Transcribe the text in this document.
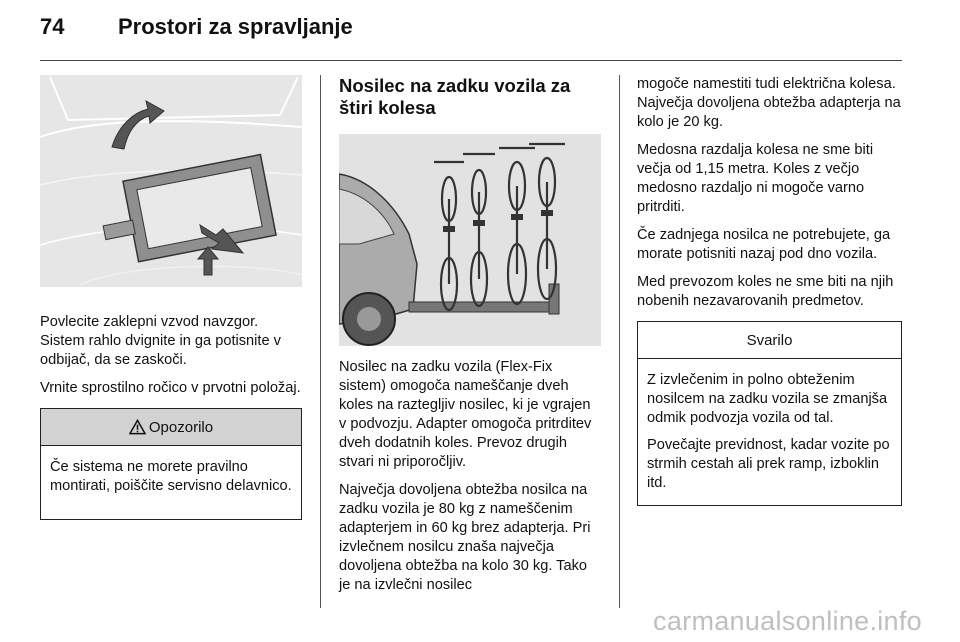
74 Prostori za spravljanje

Povlecite zaklepni vzvod navzgor. Sistem rahlo dvignite in ga potisnite v odbijač, da se zaskoči.

Vrnite sprostilno ročico v prvotni položaj.

Opozorilo

Če sistema ne morete pravilno montirati, poiščite servisno delavnico.

Nosilec na zadku vozila za štiri kolesa

Nosilec na zadku vozila (Flex-Fix sistem) omogoča nameščanje dveh koles na raztegljiv nosilec, ki je vgrajen v podvozju. Adapter omogoča pritrditev dveh dodatnih koles. Prevoz drugih stvari ni priporočljiv.

Največja dovoljena obtežba nosilca na zadku vozila je 80 kg z nameščenim adapterjem in 60 kg brez adapterja. Pri izvlečnem nosilcu znaša največja dovoljena obtežba na kolo 30 kg. Tako je na izvlečni nosilec

mogoče namestiti tudi električna kolesa. Največja dovoljena obtežba adapterja na kolo je 20 kg.

Medosna razdalja kolesa ne sme biti večja od 1,15 metra. Koles z večjo medosno razdaljo ni mogoče varno pritrditi.

Če zadnjega nosilca ne potrebujete, ga morate potisniti nazaj pod dno vozila.

Med prevozom koles ne sme biti na njih nobenih nezavarovanih predmetov.

Svarilo

Z izvlečenim in polno obteženim nosilcem na zadku vozila se zmanjša odmik podvozja vozila od tal.

Povečajte previdnost, kadar vozite po strmih cestah ali prek ramp, izboklin itd.

carmanualsonline.info
